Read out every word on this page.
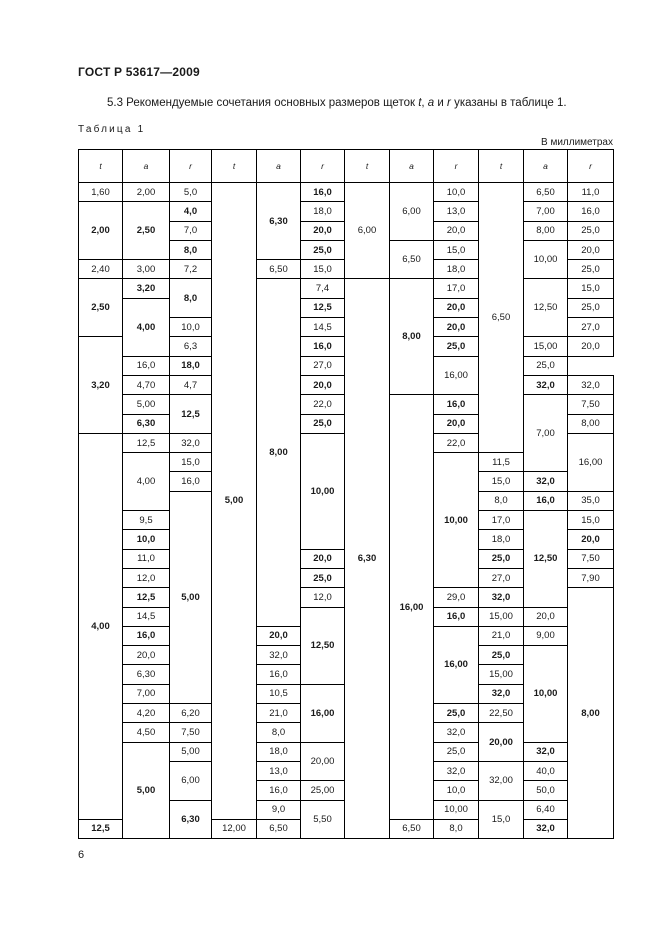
ГОСТ Р 53617—2009
5.3 Рекомендуемые сочетания основных размеров щеток t, a и r указаны в таблице 1.
Таблица 1
В миллиметрах
t	a	r	t	a	r	t	a	r	t	a	r	
1,60	2,00	5,0	5,00	6,30	16,0	6,00	6,00	10,0	6,50	6,50	11,0	
2,00	2,50	4,0			18,0			13,0		7,00	16,0	
		7,0			20,0			20,0		8,00	25,0	
		8,0			25,0		6,50	15,0		10,00	20,0	
2,40	3,00	7,2		6,50	15,0			18,0			25,0	
2,50	3,20	8,0		8,00	7,4	6,30	8,00	17,0		12,50	15,0	
	4,00				12,5			20,0			25,0	
		10,0			14,5			20,0			27,0	
3,20		6,3			16,0			25,0		15,00	20,0	
	16,0	18,0			27,0			16,00		25,0		
	4,70	4,7			20,0					32,0	32,0	
	5,00	12,5			22,0		16,00	16,0		7,00	7,50	
	6,30				25,0			20,0			8,00	
4,00	12,5	32,0			10,00			22,0			16,00	
	4,00	15,0						10,00	11,5		
		16,0							15,0	32,0	
		5,00							8,0	16,0	35,0		
	9,5								17,0	12,50	15,0			
	10,0								18,0		20,0			
	11,0				20,0				25,0		7,50		
	12,0				25,0				27,0		7,90		
	12,5				12,0			29,0	32,0		8,00		
	14,5				12,50			16,0	15,00	20,0	
	16,0			20,0				16,00	21,0	9,00		
	20,0			32,0					25,0	10,00	
	6,30			16,0					15,00			
	7,00			10,5	16,00				32,0	
	4,20	6,20		21,0				25,0	22,50		
	4,50	7,50		8,0				32,0	20,00		
	5,00	5,00		18,0	20,00			25,0		32,0	
		6,00		13,0				32,0	32,00	40,0	
				16,0	25,00			10,0		50,0	
		6,30		9,0	5,50			10,00	15,0	6,40				
12,5			12,00	6,50			6,50	8,0		32,0		
6
